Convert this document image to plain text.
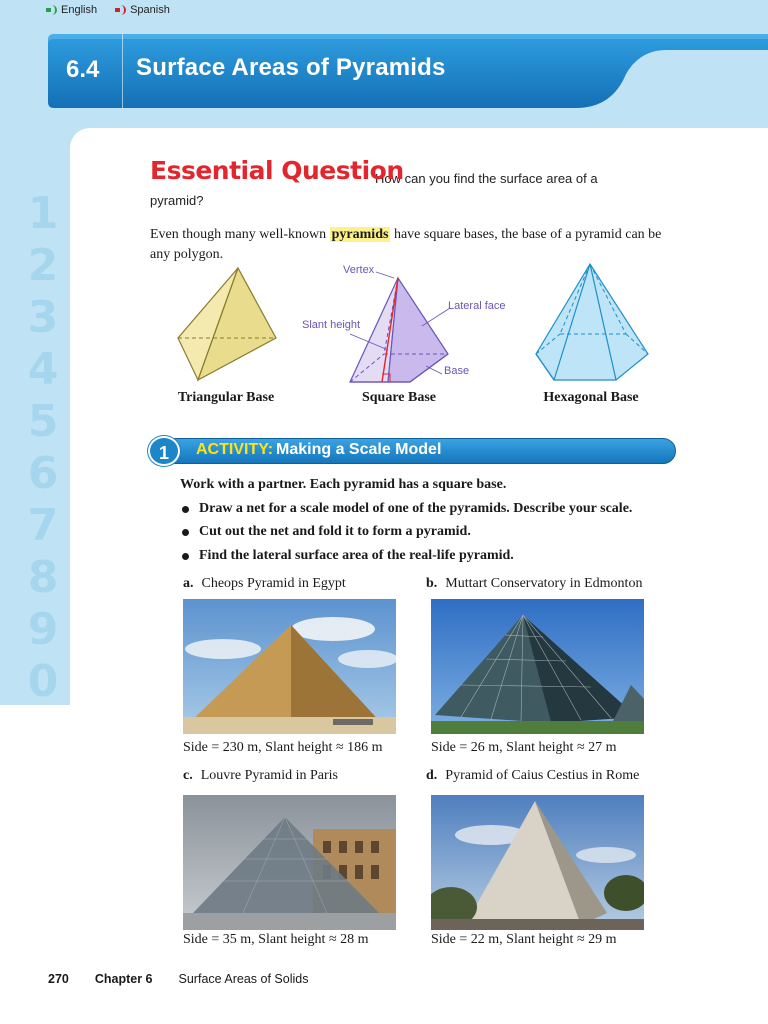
English	Spanish
6.4 Surface Areas of Pyramids
1
2
3
4
5
6
7
8
9
0
How can you find the surface area of a pyramid?
Essential Question

Even though many well-known pyramids have square bases, the base of a pyramid can be any polygon.

Vertex
Lateral face
Slant height
Base
Triangular Base	Square Base	Hexagonal Base
1	ACTIVITY: Making a Scale Model
Work with a partner. Each pyramid has a square base.
Draw a net for a scale model of one of the pyramids. Describe your scale.
Cut out the net and fold it to form a pyramid.
Find the lateral surface area of the real-life pyramid.
a. Cheops Pyramid in Egypt
Side = 230 m, Slant height ≈ 186 m
b. Muttart Conservatory in Edmonton
Side = 26 m, Slant height ≈ 27 m
c. Louvre Pyramid in Paris
Side = 35 m, Slant height ≈ 28 m
d. Pyramid of Caius Cestius in Rome
Side = 22 m, Slant height ≈ 29 m
270 Chapter 6 Surface Areas of Solids
